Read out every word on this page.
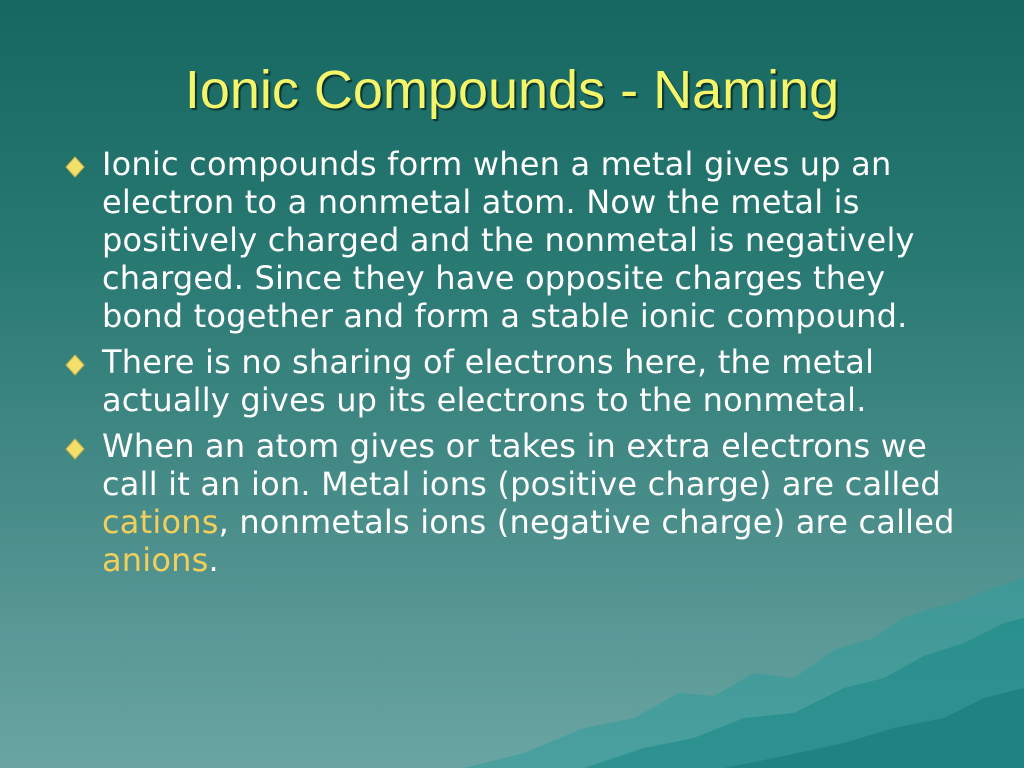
Ionic Compounds - Naming
Ionic compounds form when a metal gives up an electron to a nonmetal atom. Now the metal is positively charged and the nonmetal is negatively charged. Since they have opposite charges they bond together and form a stable ionic compound.
There is no sharing of electrons here, the metal actually gives up its electrons to the nonmetal.
When an atom gives or takes in extra electrons we call it an ion. Metal ions (positive charge) are called cations, nonmetals ions (negative charge) are called anions.
